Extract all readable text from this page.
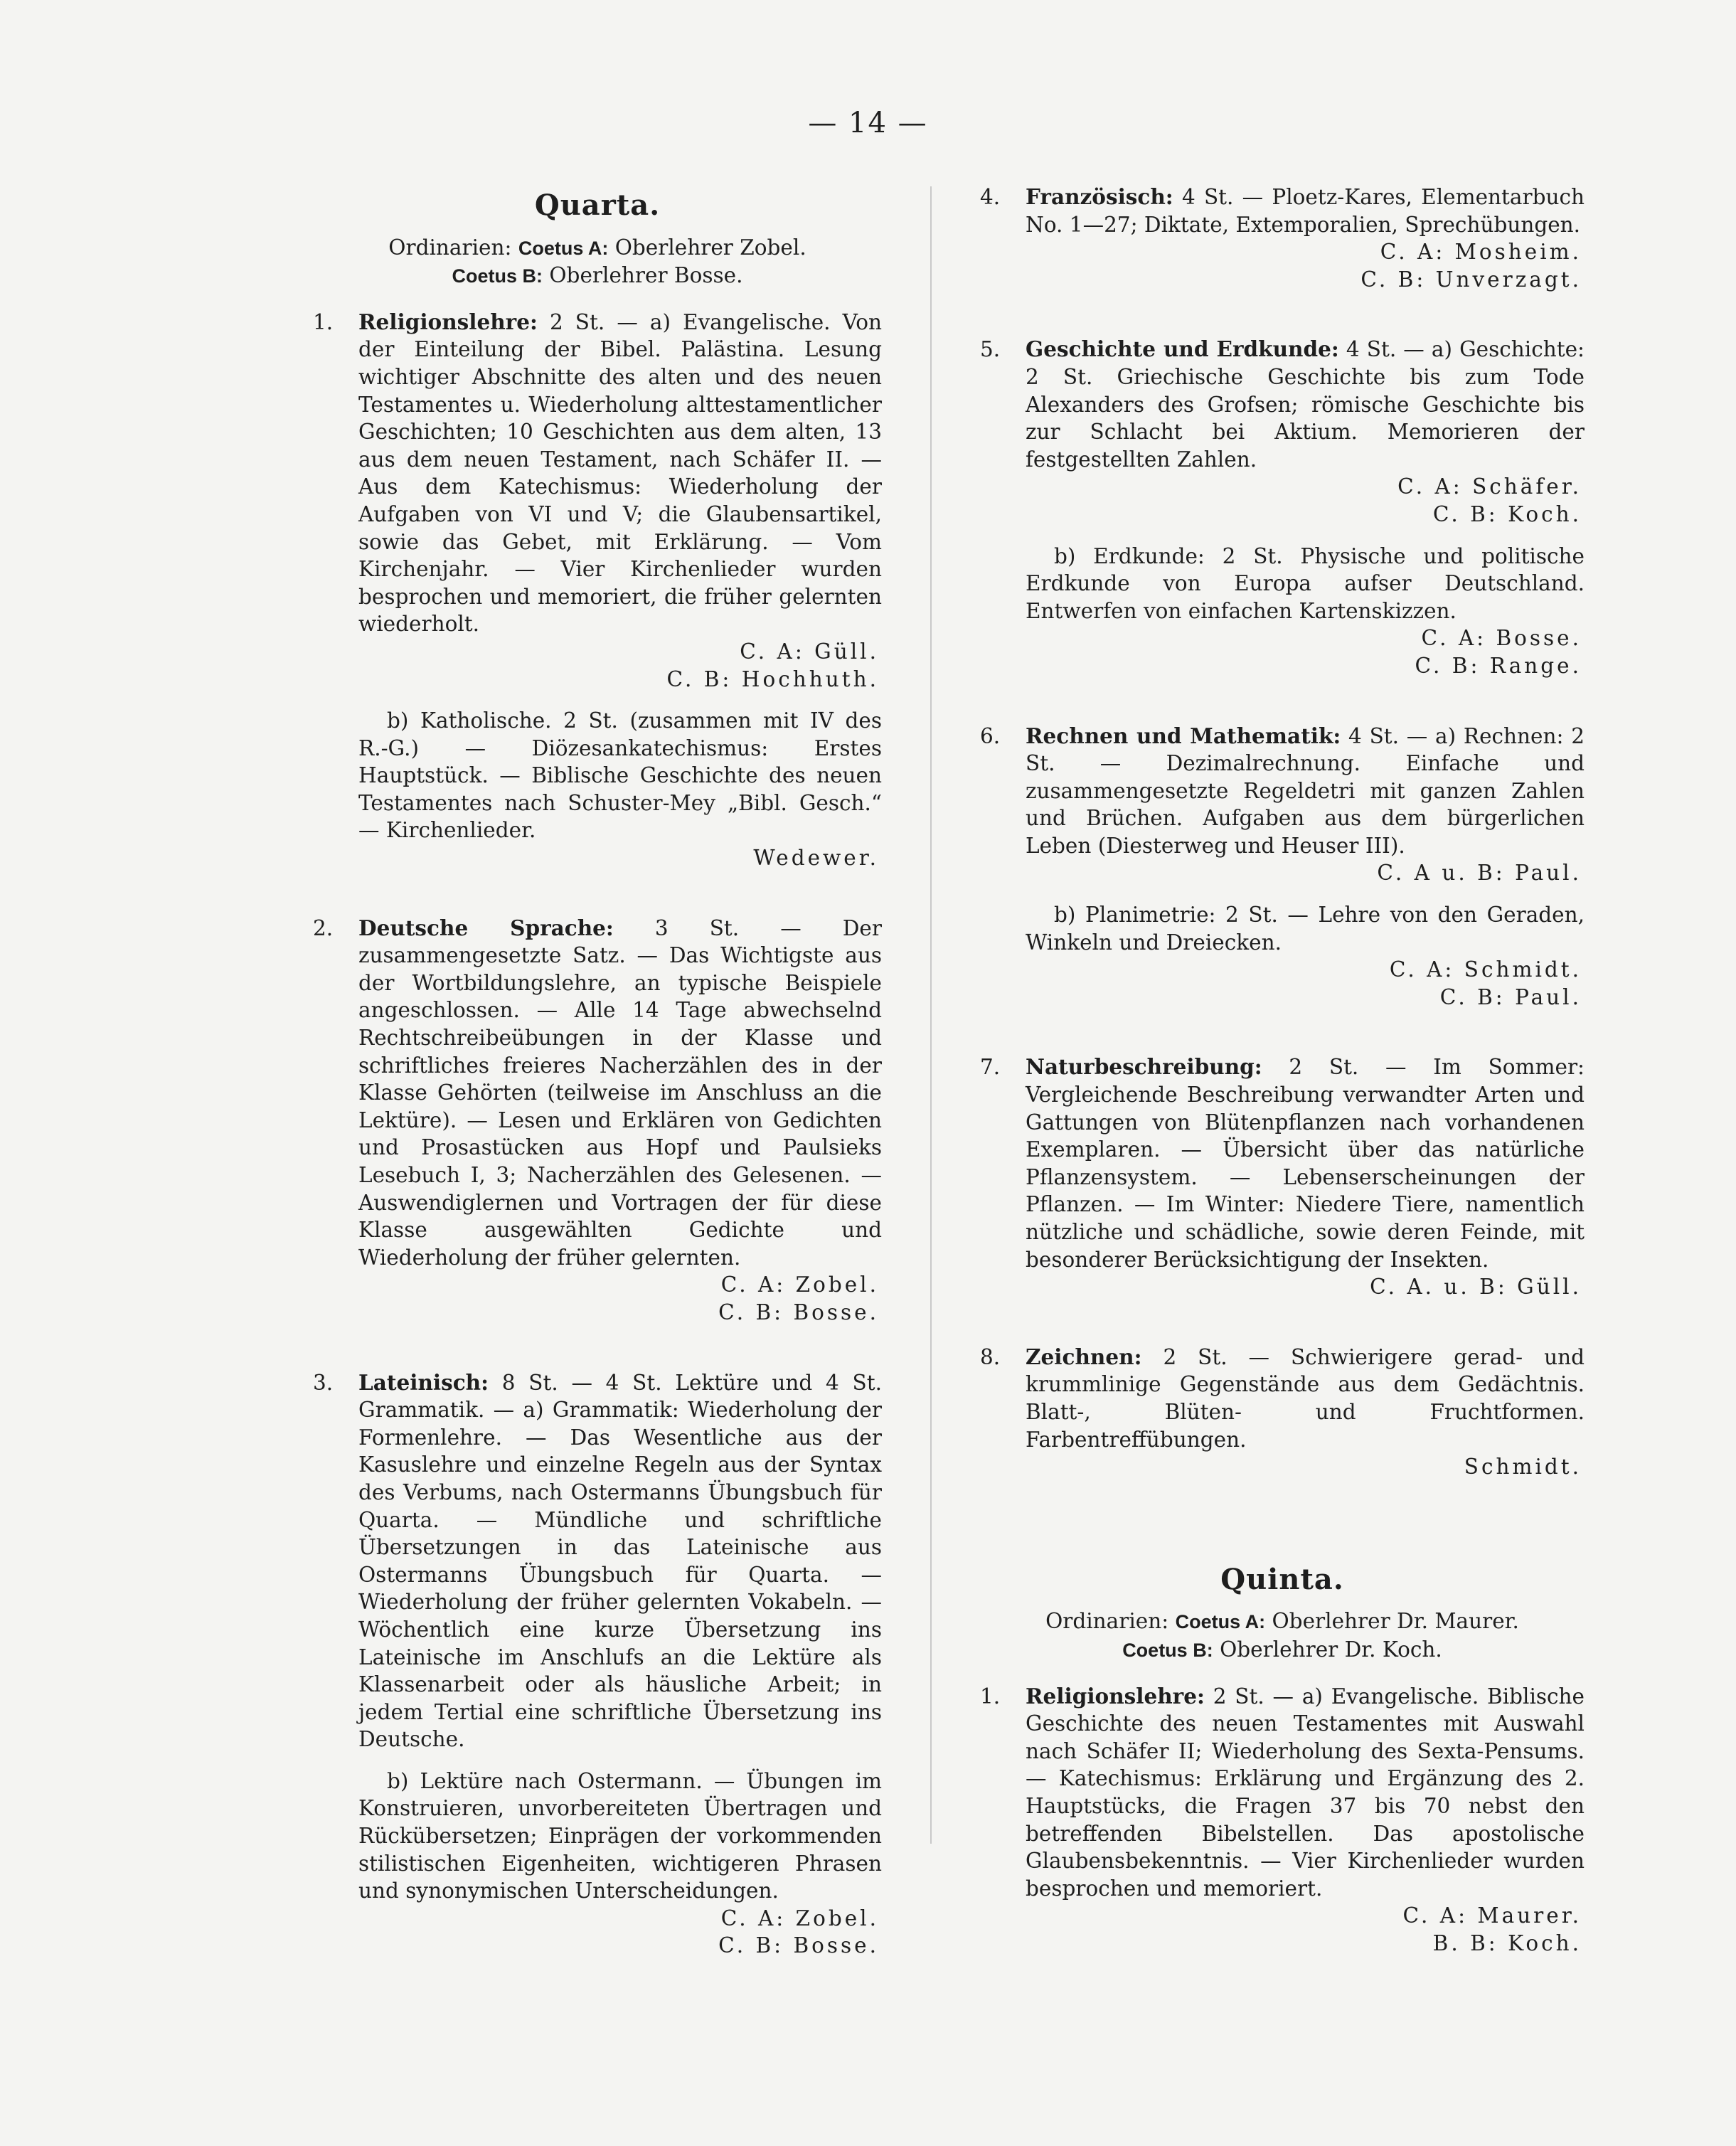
— 14 —
Quarta.

Ordinarien: Coetus A: Oberlehrer Zobel.

Coetus B: Oberlehrer Bosse.

1.	Religionslehre: 2 St. — a) Evangelische. Von der Einteilung der Bibel. Palästina. Lesung wichtiger Abschnitte des alten und des neuen Testamentes u. Wiederholung alttestamentlicher Geschichten; 10 Geschichten aus dem alten, 13 aus dem neuen Testament, nach Schäfer II. — Aus dem Katechismus: Wiederholung der Aufgaben von VI und V; die Glaubensartikel, sowie das Gebet, mit Erklärung. — Vom Kirchenjahr. — Vier Kirchenlieder wurden besprochen und memoriert, die früher gelernten wiederholt.

C. A: Güll.

C. B: Hochhuth.

b) Katholische. 2 St. (zusammen mit IV des R.-G.) — Diözesankatechismus: Erstes Hauptstück. — Biblische Geschichte des neuen Testamentes nach Schuster-Mey „Bibl. Gesch.“ — Kirchenlieder.

Wedewer.

2.	Deutsche Sprache: 3 St. — Der zusammengesetzte Satz. — Das Wichtigste aus der Wortbildungslehre, an typische Beispiele angeschlossen. — Alle 14 Tage abwechselnd Rechtschreibeübungen in der Klasse und schriftliches freieres Nacherzählen des in der Klasse Gehörten (teilweise im Anschluss an die Lektüre). — Lesen und Erklären von Gedichten und Prosastücken aus Hopf und Paulsieks Lesebuch I, 3; Nacherzählen des Gelesenen. — Auswendiglernen und Vortragen der für diese Klasse ausgewählten Gedichte und Wiederholung der früher gelernten.

C. A: Zobel.

C. B: Bosse.

3.	Lateinisch: 8 St. — 4 St. Lektüre und 4 St. Grammatik. — a) Grammatik: Wiederholung der Formenlehre. — Das Wesentliche aus der Kasuslehre und einzelne Regeln aus der Syntax des Verbums, nach Ostermanns Übungsbuch für Quarta. — Mündliche und schriftliche Übersetzungen in das Lateinische aus Ostermanns Übungsbuch für Quarta. — Wiederholung der früher gelernten Vokabeln. — Wöchentlich eine kurze Übersetzung ins Lateinische im Anschlufs an die Lektüre als Klassenarbeit oder als häusliche Arbeit; in jedem Tertial eine schriftliche Übersetzung ins Deutsche.

b) Lektüre nach Ostermann. — Übungen im Konstruieren, unvorbereiteten Übertragen und Rückübersetzen; Einprägen der vorkommenden stilistischen Eigenheiten, wichtigeren Phrasen und synonymischen Unterscheidungen.

C. A: Zobel.

C. B: Bosse.

4.	Französisch: 4 St. — Ploetz-Kares, Elementarbuch No. 1—27; Diktate, Extemporalien, Sprechübungen.

C. A: Mosheim.

C. B: Unverzagt.

5.	Geschichte und Erdkunde: 4 St. — a) Geschichte: 2 St. Griechische Geschichte bis zum Tode Alexanders des Grofsen; römische Geschichte bis zur Schlacht bei Aktium. Memorieren der festgestellten Zahlen.

C. A: Schäfer.

C. B: Koch.

b) Erdkunde: 2 St. Physische und politische Erdkunde von Europa aufser Deutschland. Entwerfen von einfachen Kartenskizzen.

C. A: Bosse.

C. B: Range.

6.	Rechnen und Mathematik: 4 St. — a) Rechnen: 2 St. — Dezimalrechnung. Einfache und zusammengesetzte Regeldetri mit ganzen Zahlen und Brüchen. Aufgaben aus dem bürgerlichen Leben (Diesterweg und Heuser III).

C. A u. B: Paul.

b) Planimetrie: 2 St. — Lehre von den Geraden, Winkeln und Dreiecken.

C. A: Schmidt.

C. B: Paul.

7.	Naturbeschreibung: 2 St. — Im Sommer: Vergleichende Beschreibung verwandter Arten und Gattungen von Blütenpflanzen nach vorhandenen Exemplaren. — Übersicht über das natürliche Pflanzensystem. — Lebenserscheinungen der Pflanzen. — Im Winter: Niedere Tiere, namentlich nützliche und schädliche, sowie deren Feinde, mit besonderer Berücksichtigung der Insekten.

C. A. u. B: Güll.

8.	Zeichnen: 2 St. — Schwierigere gerad- und krummlinige Gegenstände aus dem Gedächtnis. Blatt-, Blüten- und Fruchtformen. Farbentreffübungen.

Schmidt.

Quinta.

Ordinarien: Coetus A: Oberlehrer Dr. Maurer.

Coetus B: Oberlehrer Dr. Koch.

1.	Religionslehre: 2 St. — a) Evangelische. Biblische Geschichte des neuen Testamentes mit Auswahl nach Schäfer II; Wiederholung des Sexta-Pensums. — Katechismus: Erklärung und Ergänzung des 2. Hauptstücks, die Fragen 37 bis 70 nebst den betreffenden Bibelstellen. Das apostolische Glaubensbekenntnis. — Vier Kirchenlieder wurden besprochen und memoriert.

C. A: Maurer.

B. B: Koch.
